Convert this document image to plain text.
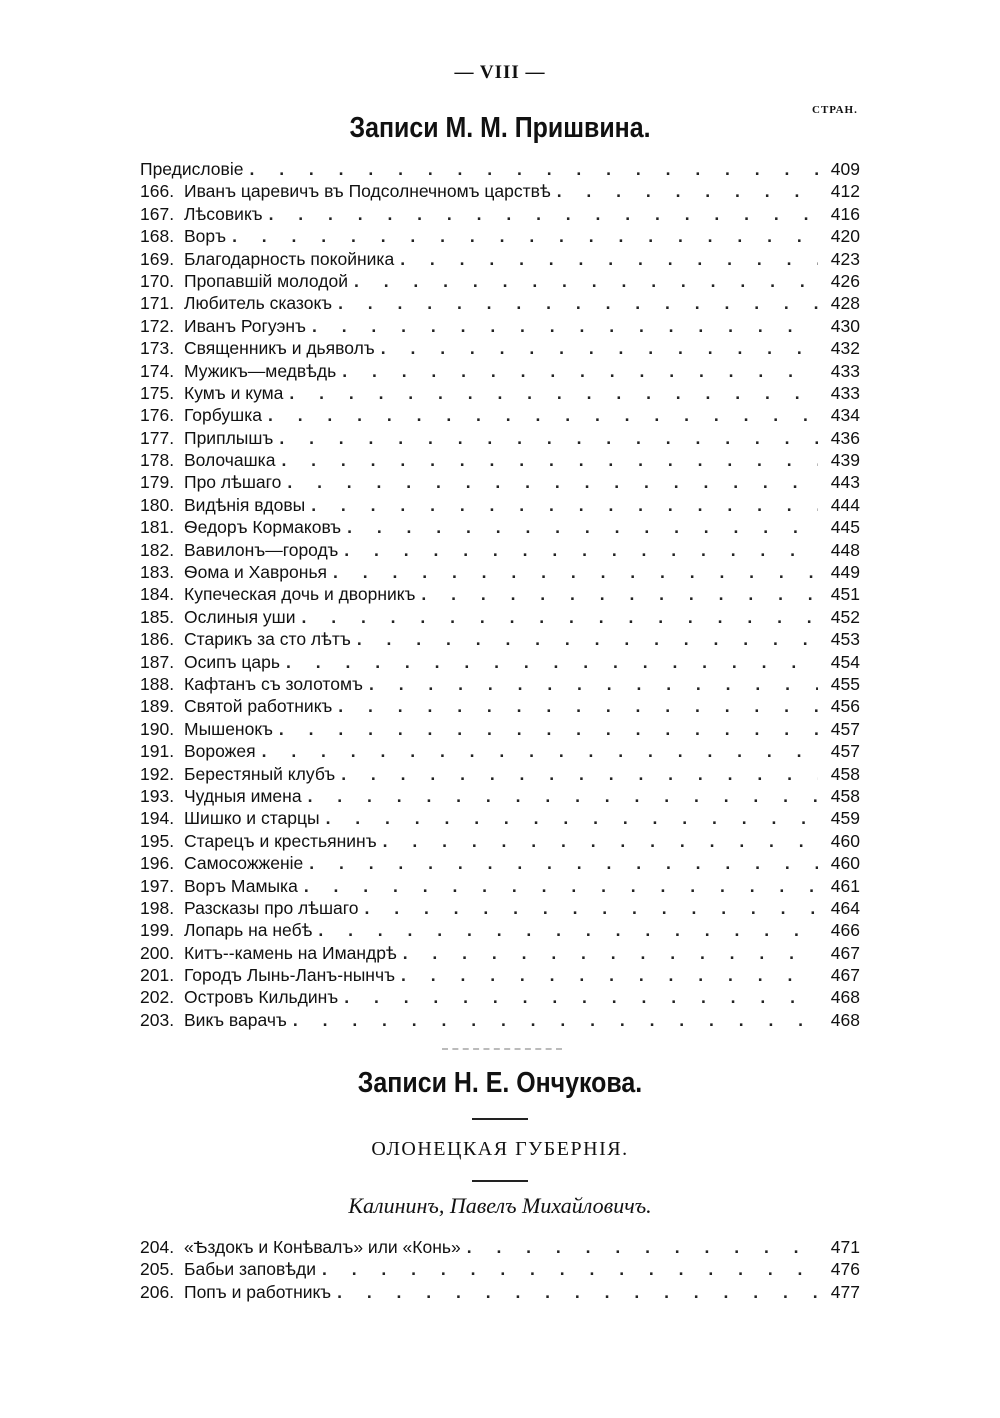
— VIII —
СТРАН.
Записи М. М. Пришвина.
Предисловіе . . .	409
166. Иванъ царевичъ въ Подсолнечномъ царствѣ . . .	412
167. Лѣсовикъ . . .	416
168. Воръ . . .	420
169. Благодарность покойника . . .	423
170. Пропавшій молодой . . .	426
171. Любитель сказокъ . . .	428
172. Иванъ Рогуэнъ . . .	430
173. Священникъ и дьяволъ . . .	432
174. Мужикъ—медвѣдь . . .	433
175. Кумъ и кума . . .	433
176. Горбушка . . .	434
177. Приплышъ . . .	436
178. Волочашка . . .	439
179. Про лѣшаго . . .	443
180. Видѣнія вдовы . . .	444
181. Ѳедоръ Кормаковъ . . .	445
182. Вавилонъ—городъ . . .	448
183. Ѳома и Хавронья . . .	449
184. Купеческая дочь и дворникъ . . .	451
185. Ослиныя уши . . .	452
186. Старикъ за сто лѣтъ . . .	453
187. Осипъ царь . . .	454
188. Кафтанъ съ золотомъ . . .	455
189. Святой работникъ . . .	456
190. Мышенокъ . . .	457
191. Ворожея . . .	457
192. Берестяный клубъ . . .	458
193. Чудныя имена . . .	458
194. Шишко и старцы . . .	459
195. Старецъ и крестьянинъ . . .	460
196. Самосожженіе . . .	460
197. Воръ Мамыка . . .	461
198. Разсказы про лѣшаго . . .	464
199. Лопарь на небѣ . . .	466
200. Китъ--камень на Имандрѣ . . .	467
201. Городъ Лынь-Ланъ-нынчъ . . .	467
202. Островъ Кильдинъ . . .	468
203. Викъ варачъ . . .	468
Записи Н. Е. Ончукова.
ОЛОНЕЦКАЯ ГУБЕРНІЯ.
Калининъ, Павелъ Михайловичъ.
204. «Ѣздокъ и Конѣвалъ» или «Конь» . . .	471
205. Бабьи заповѣди . . .	476
206. Попъ и работникъ . . .	477
